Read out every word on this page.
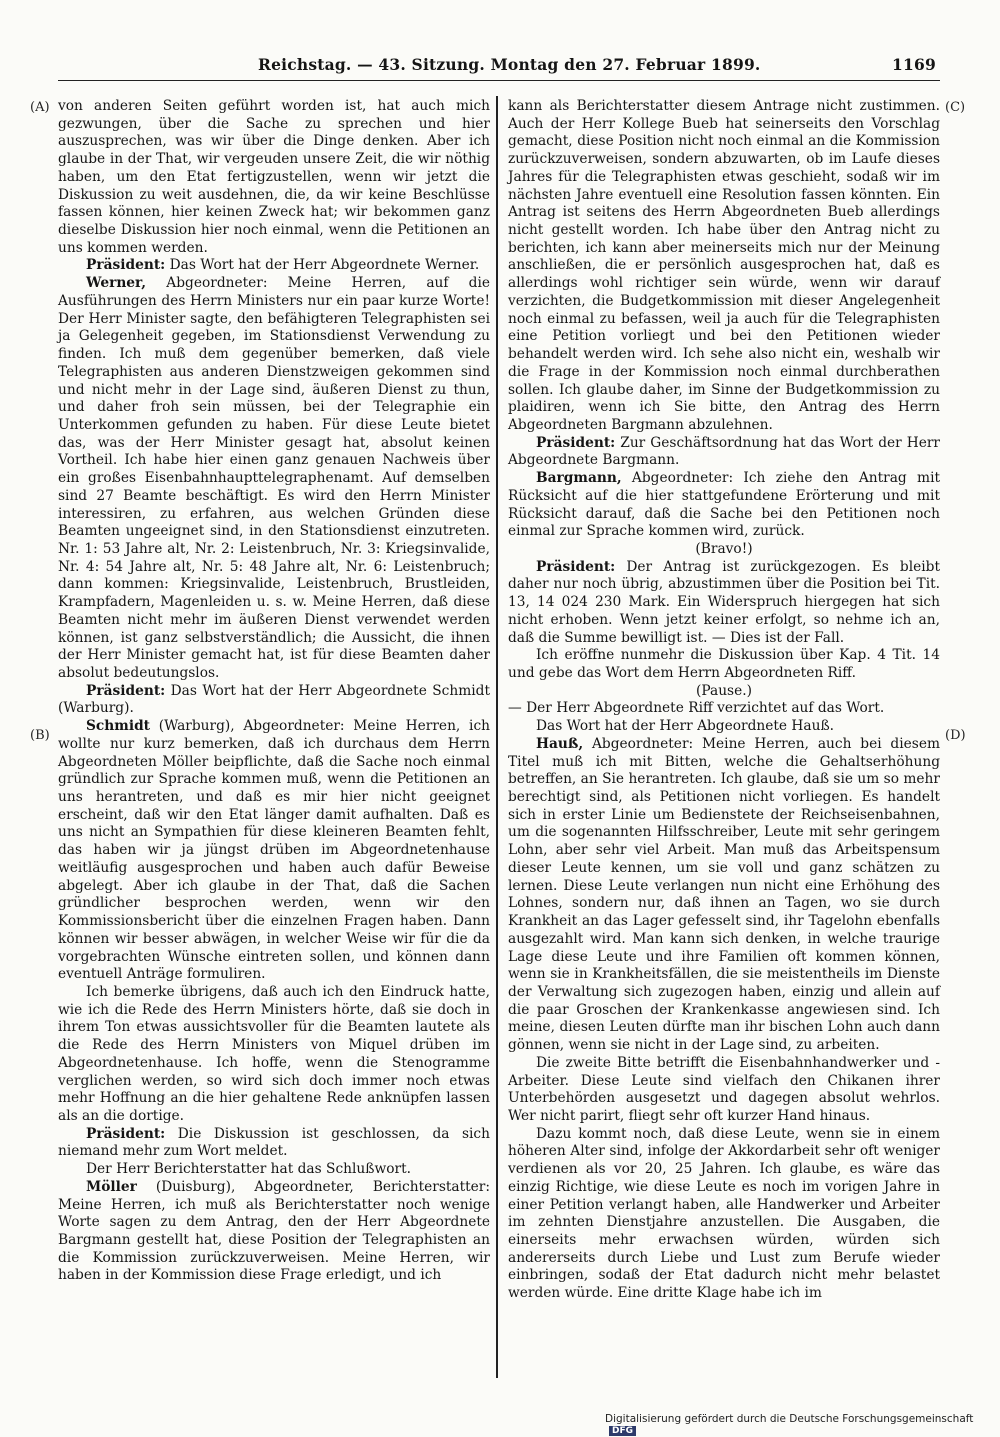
Reichstag. — 43. Sitzung. Montag den 27. Februar 1899.	1169
(A)
(B)
(C)
(D)

von anderen Seiten geführt worden ist, hat auch mich gezwungen, über die Sache zu sprechen und hier auszusprechen, was wir über die Dinge denken. Aber ich glaube in der That, wir vergeuden unsere Zeit, die wir nöthig haben, um den Etat fertigzustellen, wenn wir jetzt die Diskussion zu weit ausdehnen, die, da wir keine Beschlüsse fassen können, hier keinen Zweck hat; wir bekommen ganz dieselbe Diskussion hier noch einmal, wenn die Petitionen an uns kommen werden.

Präsident: Das Wort hat der Herr Abgeordnete Werner.

Werner, Abgeordneter: Meine Herren, auf die Ausführungen des Herrn Ministers nur ein paar kurze Worte! Der Herr Minister sagte, den befähigteren Telegraphisten sei ja Gelegenheit gegeben, im Stationsdienst Verwendung zu finden. Ich muß dem gegenüber bemerken, daß viele Telegraphisten aus anderen Dienstzweigen gekommen sind und nicht mehr in der Lage sind, äußeren Dienst zu thun, und daher froh sein müssen, bei der Telegraphie ein Unterkommen gefunden zu haben. Für diese Leute bietet das, was der Herr Minister gesagt hat, absolut keinen Vortheil. Ich habe hier einen ganz genauen Nachweis über ein großes Eisenbahnhaupttelegraphenamt. Auf demselben sind 27 Beamte beschäftigt. Es wird den Herrn Minister interessiren, zu erfahren, aus welchen Gründen diese Beamten ungeeignet sind, in den Stationsdienst einzutreten. Nr. 1: 53 Jahre alt, Nr. 2: Leistenbruch, Nr. 3: Kriegsinvalide, Nr. 4: 54 Jahre alt, Nr. 5: 48 Jahre alt, Nr. 6: Leistenbruch; dann kommen: Kriegsinvalide, Leistenbruch, Brustleiden, Krampfadern, Magenleiden u. s. w. Meine Herren, daß diese Beamten nicht mehr im äußeren Dienst verwendet werden können, ist ganz selbstverständlich; die Aussicht, die ihnen der Herr Minister gemacht hat, ist für diese Beamten daher absolut bedeutungslos.

Präsident: Das Wort hat der Herr Abgeordnete Schmidt (Warburg).

Schmidt (Warburg), Abgeordneter: Meine Herren, ich wollte nur kurz bemerken, daß ich durchaus dem Herrn Abgeordneten Möller beipflichte, daß die Sache noch einmal gründlich zur Sprache kommen muß, wenn die Petitionen an uns herantreten, und daß es mir hier nicht geeignet erscheint, daß wir den Etat länger damit aufhalten. Daß es uns nicht an Sympathien für diese kleineren Beamten fehlt, das haben wir ja jüngst drüben im Abgeordnetenhause weitläufig ausgesprochen und haben auch dafür Beweise abgelegt. Aber ich glaube in der That, daß die Sachen gründlicher besprochen werden, wenn wir den Kommissionsbericht über die einzelnen Fragen haben. Dann können wir besser abwägen, in welcher Weise wir für die da vorgebrachten Wünsche eintreten sollen, und können dann eventuell Anträge formuliren.

Ich bemerke übrigens, daß auch ich den Eindruck hatte, wie ich die Rede des Herrn Ministers hörte, daß sie doch in ihrem Ton etwas aussichtsvoller für die Beamten lautete als die Rede des Herrn Ministers von Miquel drüben im Abgeordnetenhause. Ich hoffe, wenn die Stenogramme verglichen werden, so wird sich doch immer noch etwas mehr Hoffnung an die hier gehaltene Rede anknüpfen lassen als an die dortige.

Präsident: Die Diskussion ist geschlossen, da sich niemand mehr zum Wort meldet.

Der Herr Berichterstatter hat das Schlußwort.

Möller (Duisburg), Abgeordneter, Berichterstatter: Meine Herren, ich muß als Berichterstatter noch wenige Worte sagen zu dem Antrag, den der Herr Abgeordnete Bargmann gestellt hat, diese Position der Telegraphisten an die Kommission zurückzuverweisen. Meine Herren, wir haben in der Kommission diese Frage erledigt, und ich

kann als Berichterstatter diesem Antrage nicht zustimmen. Auch der Herr Kollege Bueb hat seinerseits den Vorschlag gemacht, diese Position nicht noch einmal an die Kommission zurückzuverweisen, sondern abzuwarten, ob im Laufe dieses Jahres für die Telegraphisten etwas geschieht, sodaß wir im nächsten Jahre eventuell eine Resolution fassen könnten. Ein Antrag ist seitens des Herrn Abgeordneten Bueb allerdings nicht gestellt worden. Ich habe über den Antrag nicht zu berichten, ich kann aber meinerseits mich nur der Meinung anschließen, die er persönlich ausgesprochen hat, daß es allerdings wohl richtiger sein würde, wenn wir darauf verzichten, die Budgetkommission mit dieser Angelegenheit noch einmal zu befassen, weil ja auch für die Telegraphisten eine Petition vorliegt und bei den Petitionen wieder behandelt werden wird. Ich sehe also nicht ein, weshalb wir die Frage in der Kommission noch einmal durchberathen sollen. Ich glaube daher, im Sinne der Budgetkommission zu plaidiren, wenn ich Sie bitte, den Antrag des Herrn Abgeordneten Bargmann abzulehnen.

Präsident: Zur Geschäftsordnung hat das Wort der Herr Abgeordnete Bargmann.

Bargmann, Abgeordneter: Ich ziehe den Antrag mit Rücksicht auf die hier stattgefundene Erörterung und mit Rücksicht darauf, daß die Sache bei den Petitionen noch einmal zur Sprache kommen wird, zurück.

(Bravo!)

Präsident: Der Antrag ist zurückgezogen. Es bleibt daher nur noch übrig, abzustimmen über die Position bei Tit. 13, 14 024 230 Mark. Ein Widerspruch hiergegen hat sich nicht erhoben. Wenn jetzt keiner erfolgt, so nehme ich an, daß die Summe bewilligt ist. — Dies ist der Fall.

Ich eröffne nunmehr die Diskussion über Kap. 4 Tit. 14 und gebe das Wort dem Herrn Abgeordneten Riff.

(Pause.)

— Der Herr Abgeordnete Riff verzichtet auf das Wort.

Das Wort hat der Herr Abgeordnete Hauß.

Hauß, Abgeordneter: Meine Herren, auch bei diesem Titel muß ich mit Bitten, welche die Gehaltserhöhung betreffen, an Sie herantreten. Ich glaube, daß sie um so mehr berechtigt sind, als Petitionen nicht vorliegen. Es handelt sich in erster Linie um Bedienstete der Reichseisenbahnen, um die sogenannten Hilfsschreiber, Leute mit sehr geringem Lohn, aber sehr viel Arbeit. Man muß das Arbeitspensum dieser Leute kennen, um sie voll und ganz schätzen zu lernen. Diese Leute verlangen nun nicht eine Erhöhung des Lohnes, sondern nur, daß ihnen an Tagen, wo sie durch Krankheit an das Lager gefesselt sind, ihr Tagelohn ebenfalls ausgezahlt wird. Man kann sich denken, in welche traurige Lage diese Leute und ihre Familien oft kommen können, wenn sie in Krankheitsfällen, die sie meistentheils im Dienste der Verwaltung sich zugezogen haben, einzig und allein auf die paar Groschen der Krankenkasse angewiesen sind. Ich meine, diesen Leuten dürfte man ihr bischen Lohn auch dann gönnen, wenn sie nicht in der Lage sind, zu arbeiten.

Die zweite Bitte betrifft die Eisenbahnhandwerker und -Arbeiter. Diese Leute sind vielfach den Chikanen ihrer Unterbehörden ausgesetzt und dagegen absolut wehrlos. Wer nicht parirt, fliegt sehr oft kurzer Hand hinaus.

Dazu kommt noch, daß diese Leute, wenn sie in einem höheren Alter sind, infolge der Akkordarbeit sehr oft weniger verdienen als vor 20, 25 Jahren. Ich glaube, es wäre das einzig Richtige, wie diese Leute es noch im vorigen Jahre in einer Petition verlangt haben, alle Handwerker und Arbeiter im zehnten Dienstjahre anzustellen. Die Ausgaben, die einerseits mehr erwachsen würden, würden sich andererseits durch Liebe und Lust zum Berufe wieder einbringen, sodaß der Etat dadurch nicht mehr belastet werden würde. Eine dritte Klage habe ich im

Digitalisierung gefördert durch die Deutsche Forschungsgemeinschaft DFG
